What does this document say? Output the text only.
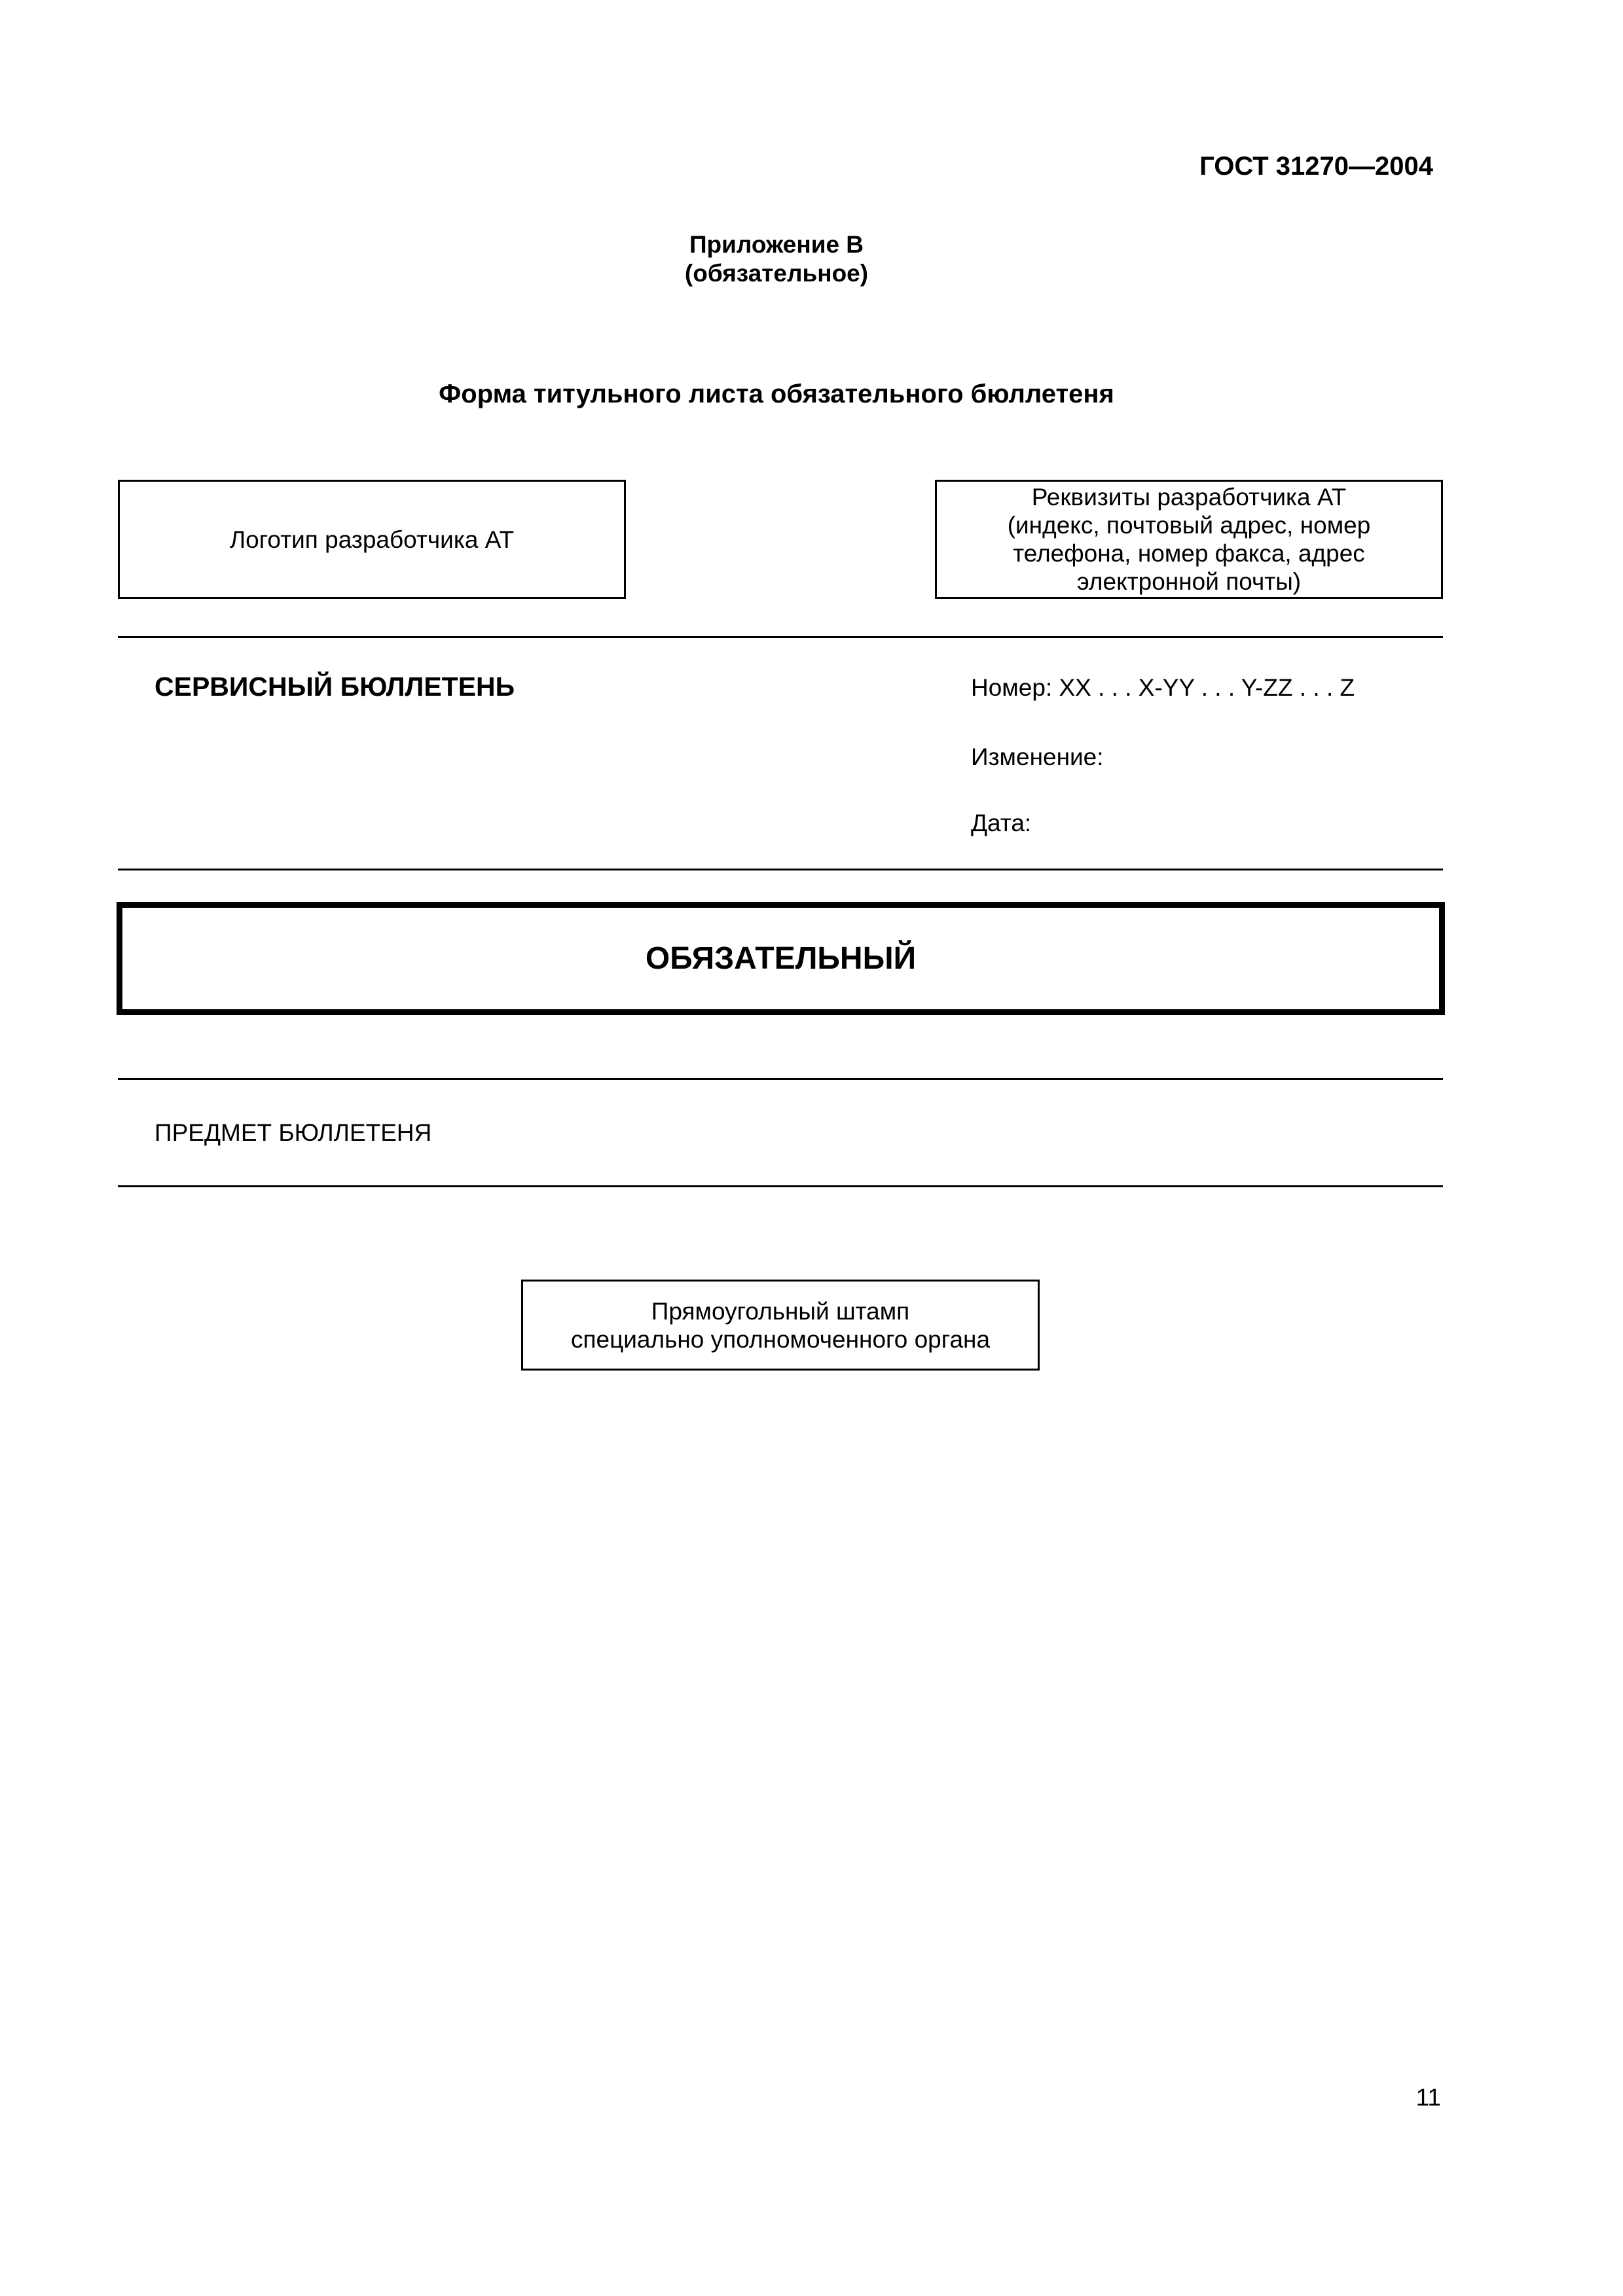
ГОСТ 31270—2004
Приложение В
(обязательное)
Форма титульного листа обязательного бюллетеня
Логотип разработчика АТ
Реквизиты разработчика АТ
(индекс, почтовый адрес, номер
телефона, номер факса, адрес
электронной почты)
СЕРВИСНЫЙ БЮЛЛЕТЕНЬ	Номер: XX . . . X-YY . . . Y-ZZ . . . Z
Изменение:
Дата:
ОБЯЗАТЕЛЬНЫЙ
ПРЕДМЕТ БЮЛЛЕТЕНЯ
Прямоугольный штамп
специально уполномоченного органа
11
